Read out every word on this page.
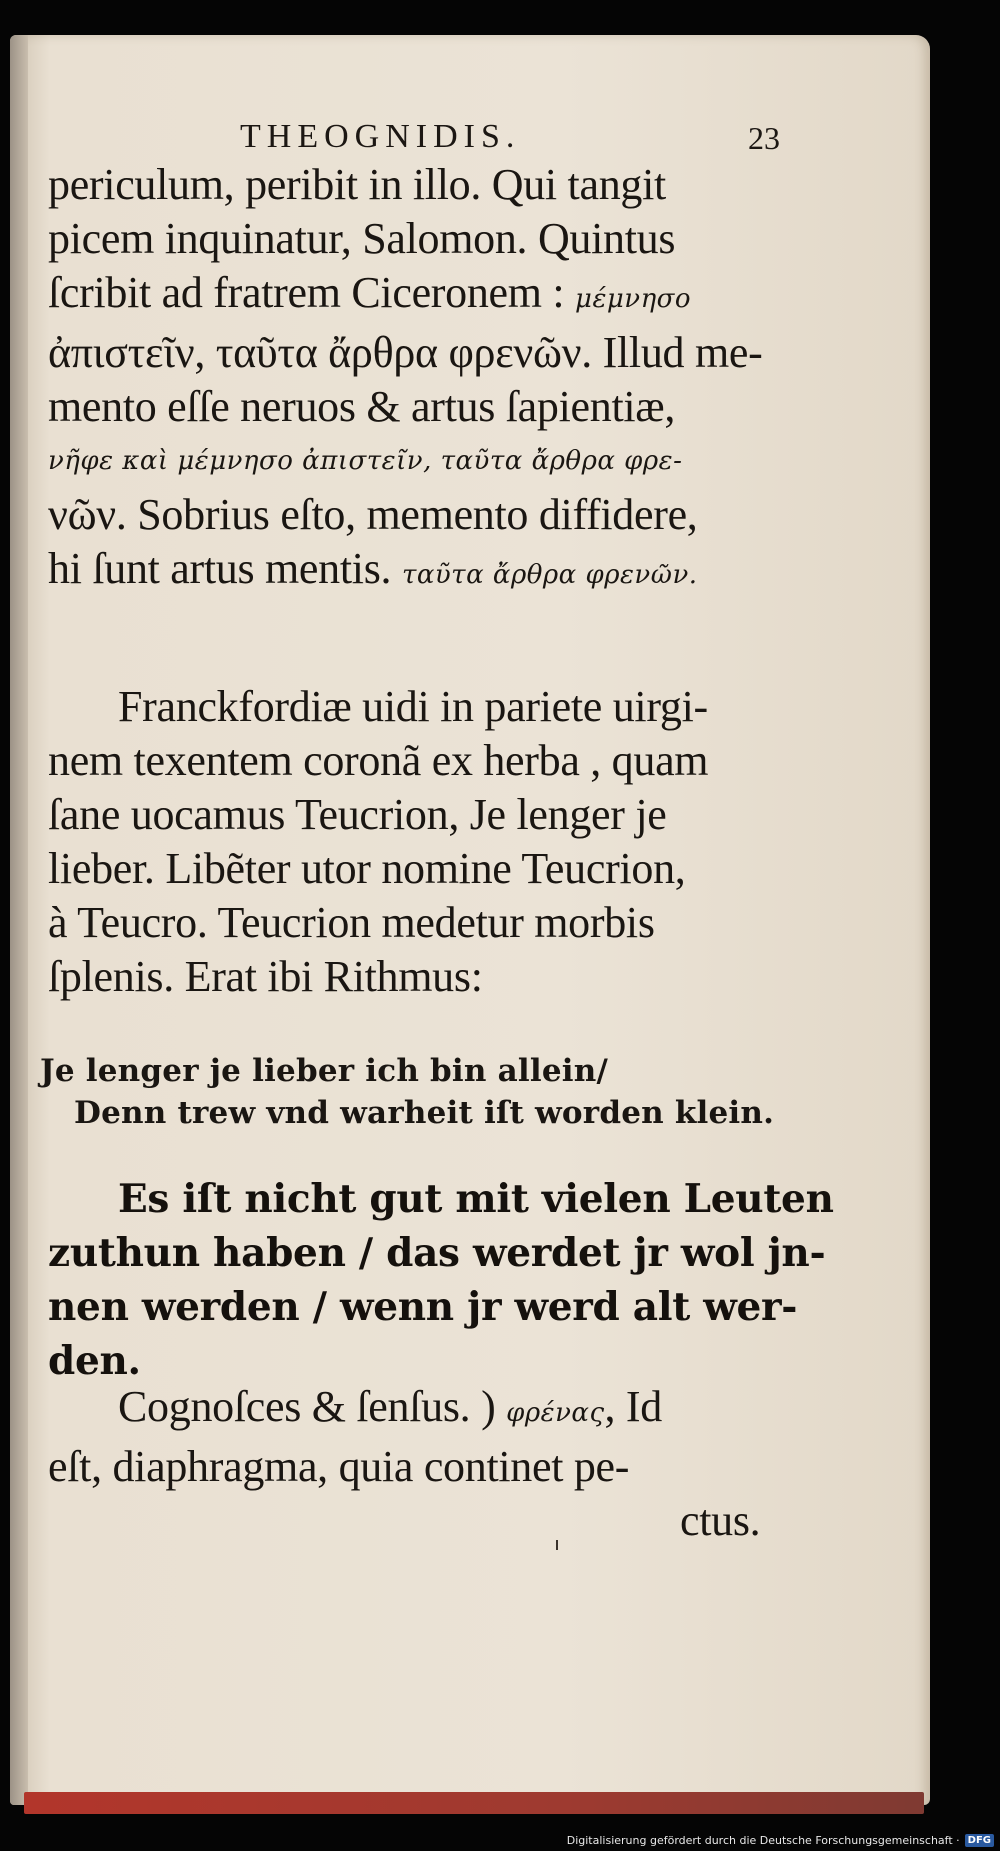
THEOGNIDIS.	23
periculum, peribit in illo. Qui tangit
picem inquinatur, Salomon. Quintus
ſcribit ad fratrem Ciceronem : μέμνησο
ἀπιστεῖν, ταῦτα ἄρθρα φρενῶν. Illud me-
mento eſſe neruos & artus ſapientiæ,
νῆφε καὶ μέμνησο ἀπιστεῖν, ταῦτα ἄρθρα φρε-
νῶν. Sobrius eſto, memento diffidere,
hi ſunt artus mentis. ταῦτα ἄρθρα φρενῶν.
Franckfordiæ uidi in pariete uirgi-
nem texentem coronã ex herba , quam
ſane uocamus Teucrion, Je lenger je
lieber. Libẽter utor nomine Teucrion,
à Teucro. Teucrion medetur morbis
ſplenis. Erat ibi Rithmus:
Je lenger je lieber ich bin allein/
Denn trew vnd warheit iſt worden klein.
Es iſt nicht gut mit vielen Leuten
zuthun haben / das werdet jr wol jn-
nen werden / wenn jr werd alt wer-
den.
Cognoſces & ſenſus. ) φρένας, Id
eſt, diaphragma, quia continet pe-
ctus.
Digitalisierung gefördert durch die Deutsche Forschungsgemeinschaft · DFG
